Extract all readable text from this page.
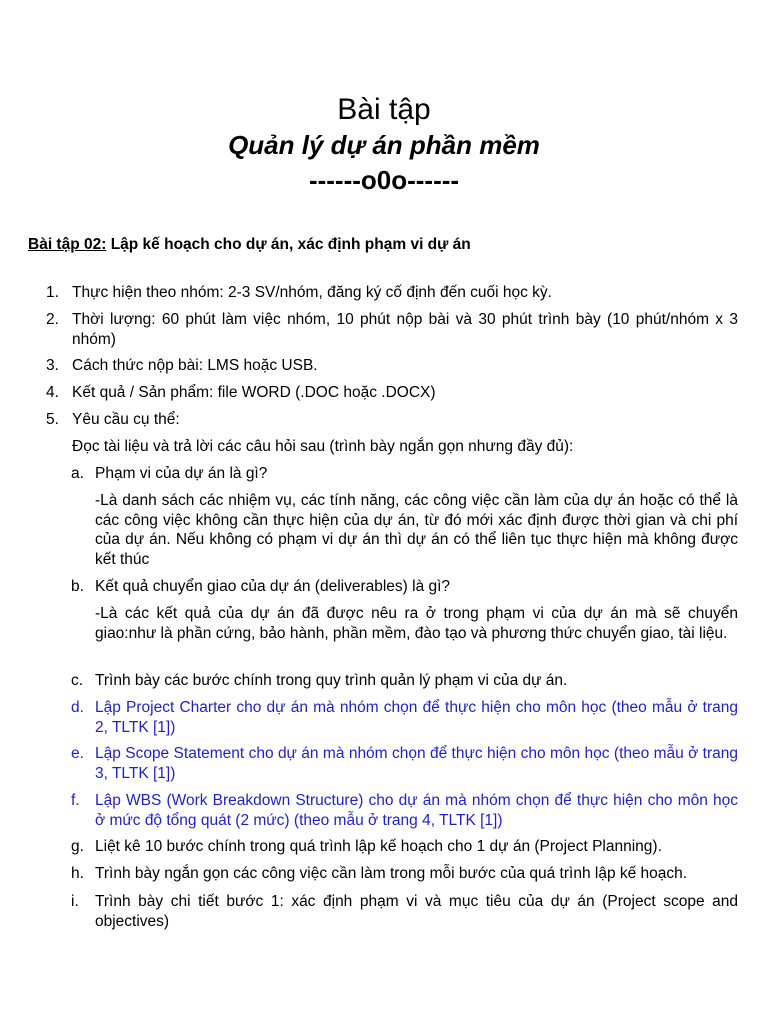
Bài tập
Quản lý dự án phần mềm
------o0o------

Bài tập 02: Lập kế hoạch cho dự án, xác định phạm vi dự án

1. Thực hiện theo nhóm: 2-3 SV/nhóm, đăng ký cố định đến cuối học kỳ.
2. Thời lượng: 60 phút làm việc nhóm, 10 phút nộp bài và 30 phút trình bày (10 phút/nhóm x 3 nhóm)
3. Cách thức nộp bài: LMS hoặc USB.
4. Kết quả / Sản phẩm: file WORD (.DOC hoặc .DOCX)
5. Yêu cầu cụ thể:
Đọc tài liệu và trả lời các câu hỏi sau (trình bày ngắn gọn nhưng đầy đủ):
a. Phạm vi của dự án là gì?
-Là danh sách các nhiệm vụ, các tính năng, các công việc cần làm của dự án hoặc có thể là các công việc không cần thực hiện của dự án, từ đó mới xác định được thời gian và chi phí của dự án. Nếu không có phạm vi dự án thì dự án có thể liên tục thực hiện mà không được kết thúc
b. Kết quả chuyển giao của dự án (deliverables) là gì?
-Là các kết quả của dự án đã được nêu ra ở trong phạm vi của dự án mà sẽ chuyển giao:như là phần cứng, bảo hành, phần mềm, đào tạo và phương thức chuyển giao, tài liệu.
c. Trình bày các bước chính trong quy trình quản lý phạm vi của dự án.
d. Lập Project Charter cho dự án mà nhóm chọn để thực hiện cho môn học (theo mẫu ở trang 2, TLTK [1])
e. Lập Scope Statement cho dự án mà nhóm chọn để thực hiện cho môn học (theo mẫu ở trang 3, TLTK [1])
f. Lập WBS (Work Breakdown Structure) cho dự án mà nhóm chọn để thực hiện cho môn học ở mức độ tổng quát (2 mức) (theo mẫu ở trang 4, TLTK [1])
g. Liệt kê 10 bước chính trong quá trình lập kế hoạch cho 1 dự án (Project Planning).
h. Trình bày ngắn gọn các công việc cần làm trong mỗi bước của quá trình lập kế hoạch.
i.	Trình bày chi tiết bước 1: xác định phạm vi và mục tiêu của dự án (Project scope and objectives)
